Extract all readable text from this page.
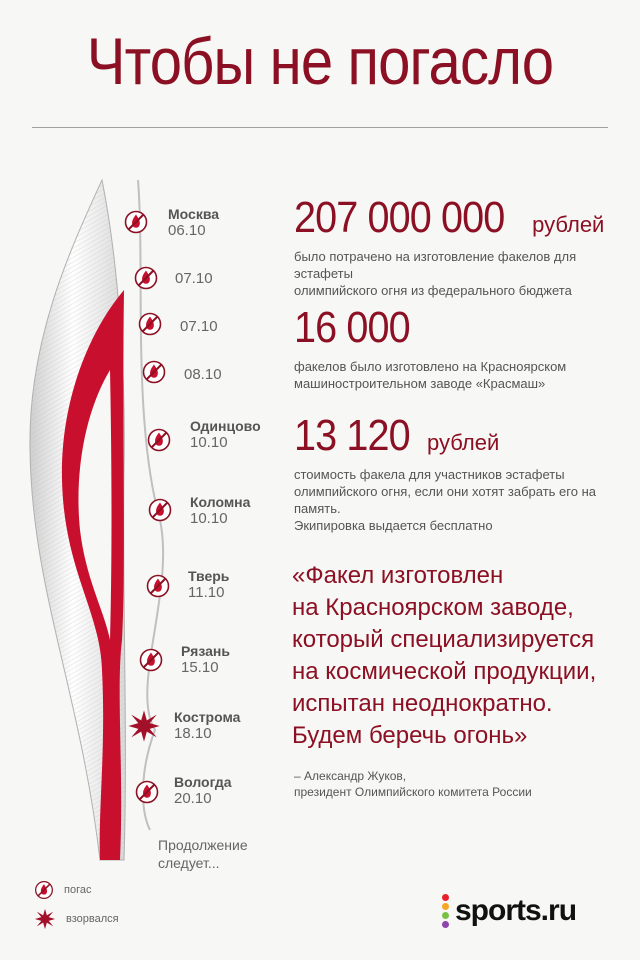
Чтобы не погасло
Москва
06.10
07.10
07.10
08.10
Одинцово
10.10
Коломна
10.10
Тверь
11.10
Рязань
15.10
Кострома
18.10
Вологда
20.10
Продолжение
следует...
207 000 000 рублей
было потрачено на изготовление факелов для эстафеты
олимпийского огня из федерального бюджета
16 000
факелов было изготовлено на Красноярском
машиностроительном заводе «Красмаш»
13 120 рублей
стоимость факела для участников эстафеты
олимпийского огня, если они хотят забрать его на память.
Экипировка выдается бесплатно
«Факел изготовлен
на Красноярском заводе,
который специализируется
на космической продукции,
испытан неоднократно.
Будем беречь огонь»
– Александр Жуков,
президент Олимпийского комитета России
погас
взорвался	sports.ru
